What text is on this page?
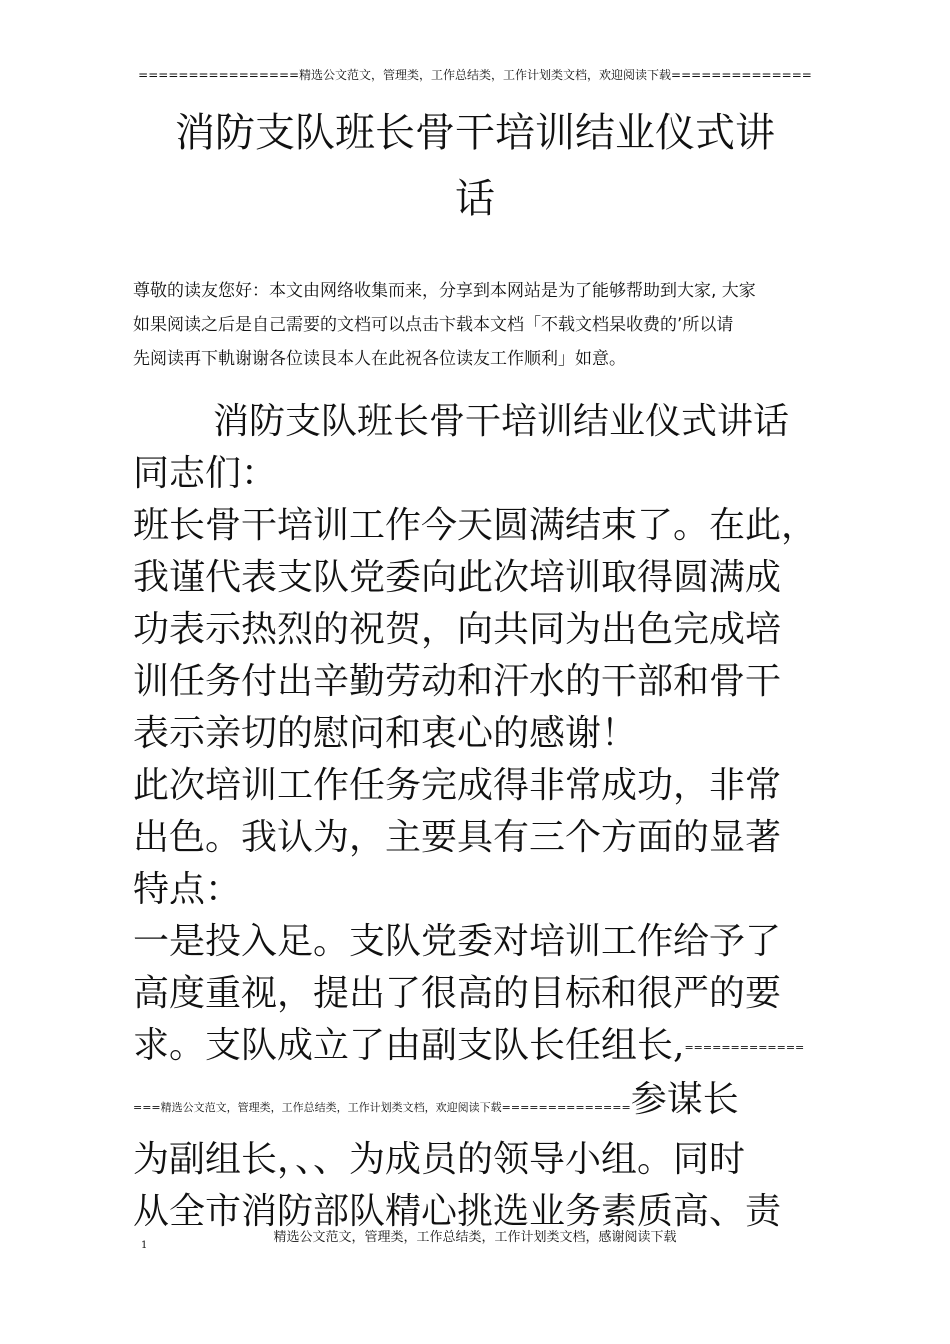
================精选公文范文，管理类，工作总结类，工作计划类文档，欢迎阅读下载==============
消防支队班长骨干培训结业仪式讲
话
尊敬的读友您好：本文由网络收集而来，分享到本网站是为了能够帮助到大家, 大家
如果阅读之后是自己需要的文档可以点击卞载本文档「不载文档杲收费的’所以请
先阅读再下軌谢谢各位读艮本人在此祝各位读友工作顺利」如意。
消防支队班长骨干培训结业仪式讲话
同志们：
班长骨干培训工作今天圆满结束了。在此，
我谨代表支队党委向此次培训取得圆满成
功表示热烈的祝贺，向共同为出色完成培
训任务付出辛勤劳动和汗水的干部和骨干
表示亲切的慰问和衷心的感谢！
此次培训工作任务完成得非常成功，非常
出色。我认为，主要具有三个方面的显著
特点：
一是投入足。支队党委对培训工作给予了
高度重视，提出了很高的目标和很严的要
求。支队成立了由副支队长任组长,=============
===精选公文范文，管理类，工作总结类，工作计划类文档，欢迎阅读下载==============参谋长
为副组长，、、为成员的领导小组。同时
从全市消防部队精心挑选业务素质高、责
精选公文范文，管理类，工作总结类，工作计划类文档，感谢阅读下载
1
